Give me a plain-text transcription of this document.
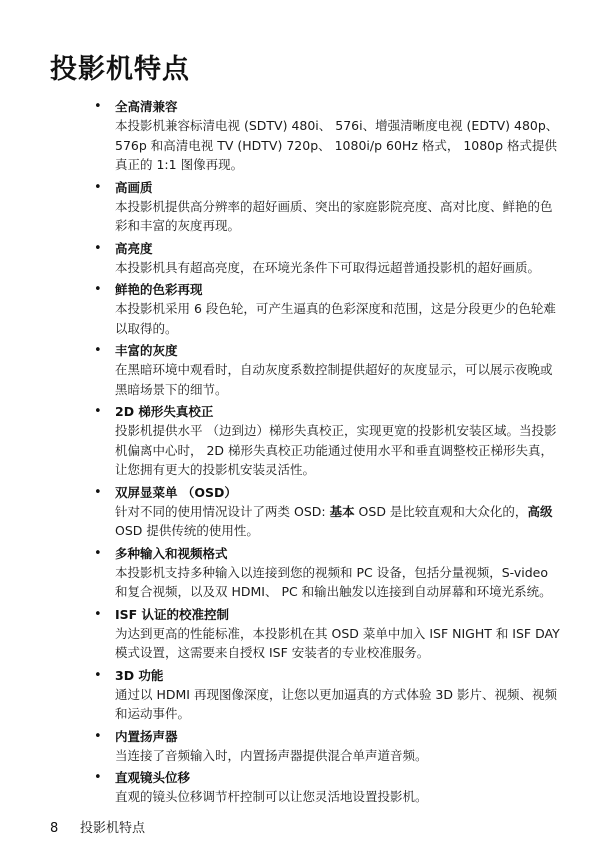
投影机特点
• 全高清兼容
本投影机兼容标清电视 (SDTV) 480i、 576i、增强清晰度电视 (EDTV) 480p、 576p 和高清电视 TV (HDTV) 720p、 1080i/p 60Hz 格式， 1080p 格式提供真正的 1:1 图像再现。
• 高画质
本投影机提供高分辨率的超好画质、突出的家庭影院亮度、高对比度、鲜艳的色彩和丰富的灰度再现。
• 高亮度
本投影机具有超高亮度，在环境光条件下可取得远超普通投影机的超好画质。
• 鲜艳的色彩再现
本投影机采用 6 段色轮，可产生逼真的色彩深度和范围，这是分段更少的色轮难以取得的。
• 丰富的灰度
在黑暗环境中观看时，自动灰度系数控制提供超好的灰度显示，可以展示夜晚或黑暗场景下的细节。
• 2D 梯形失真校正
投影机提供水平 （边到边）梯形失真校正，实现更宽的投影机安装区域。当投影机偏离中心时， 2D 梯形失真校正功能通过使用水平和垂直调整校正梯形失真，让您拥有更大的投影机安装灵活性。
• 双屏显菜单 （OSD）
针对不同的使用情况设计了两类 OSD: 基本 OSD 是比较直观和大众化的，高级 OSD 提供传统的使用性。
• 多种输入和视频格式
本投影机支持多种输入以连接到您的视频和 PC 设备，包括分量视频，S-video 和复合视频，以及双 HDMI、 PC 和输出触发以连接到自动屏幕和环境光系统。
• ISF 认证的校准控制
为达到更高的性能标准，本投影机在其 OSD 菜单中加入 ISF NIGHT 和 ISF DAY 模式设置，这需要来自授权 ISF 安装者的专业校准服务。
• 3D 功能
通过以 HDMI 再现图像深度，让您以更加逼真的方式体验 3D 影片、视频、视频和运动事件。
• 内置扬声器
当连接了音频输入时，内置扬声器提供混合单声道音频。
• 直观镜头位移
直观的镜头位移调节杆控制可以让您灵活地设置投影机。
8 投影机特点
